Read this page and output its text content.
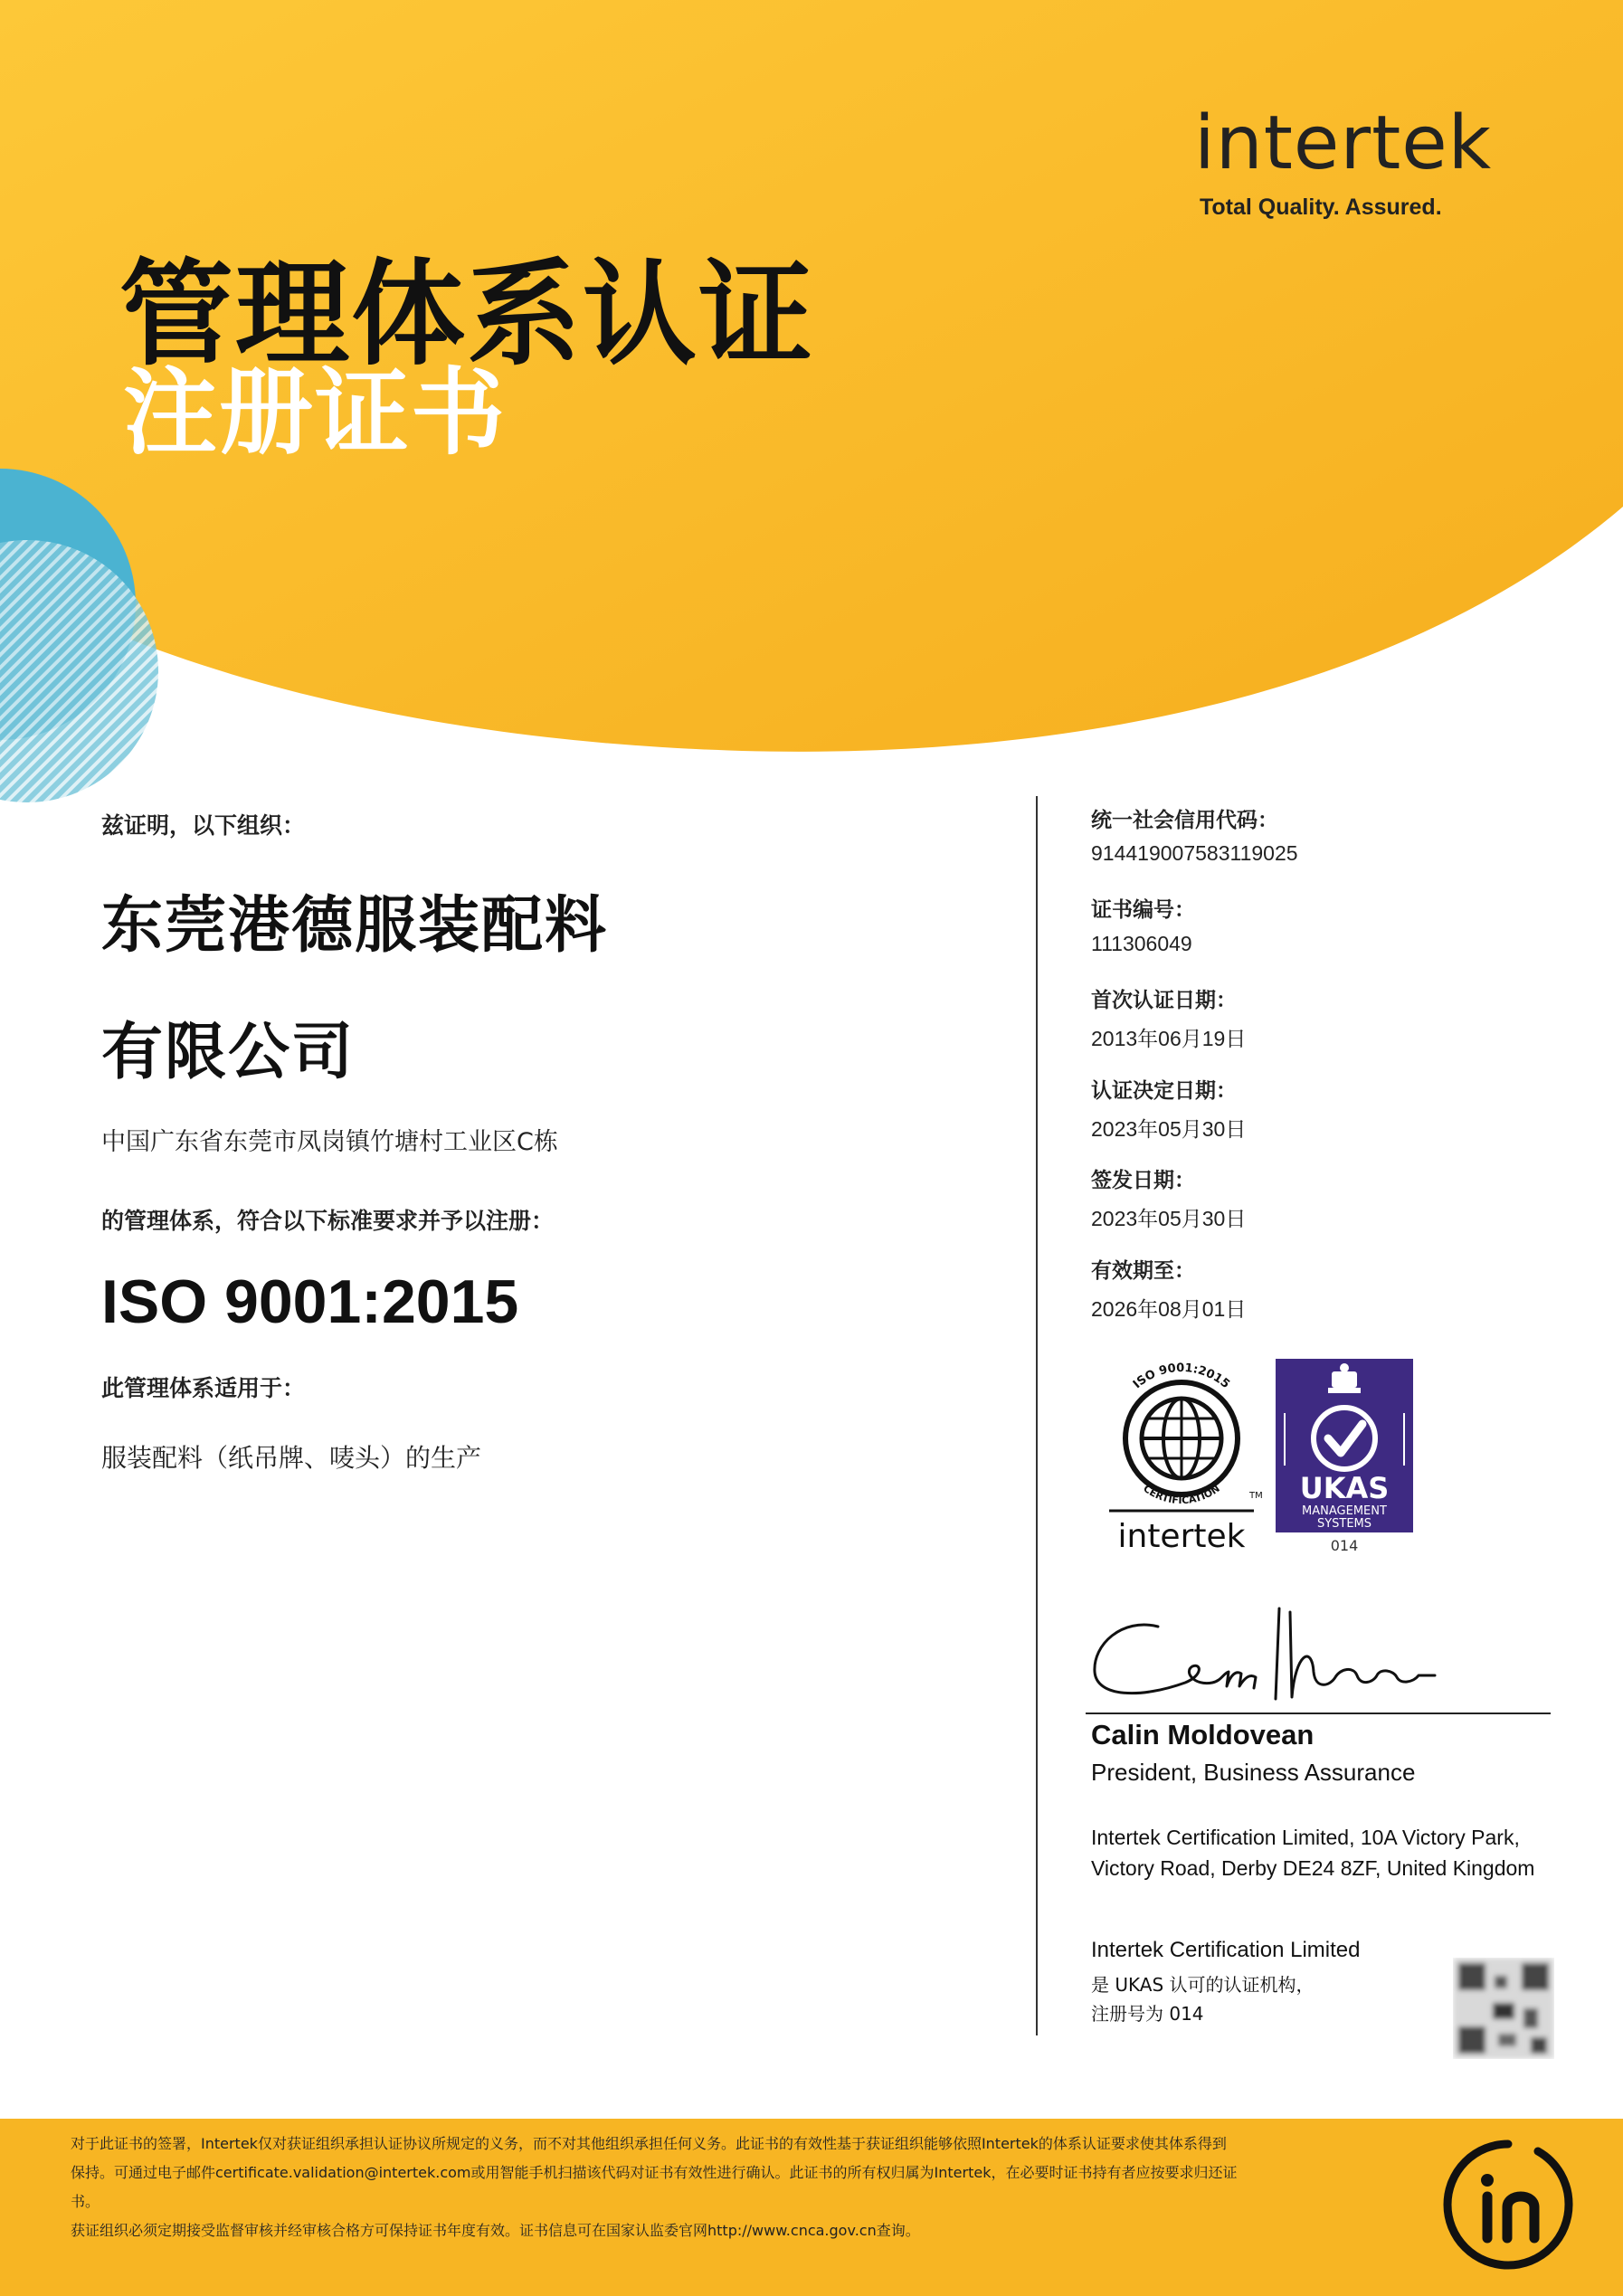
intertek
Total Quality. Assured.
管理体系认证
注册证书
兹证明，以下组织：
东莞港德服装配料
有限公司
中国广东省东莞市凤岗镇竹塘村工业区C栋
的管理体系，符合以下标准要求并予以注册：
ISO 9001:2015
此管理体系适用于：
服装配料（纸吊牌、唛头）的生产
统一社会信用代码：
914419007583119025
证书编号：
111306049
首次认证日期：
2013年06月19日
认证决定日期：
2023年05月30日
签发日期：
2023年05月30日
有效期至：
2026年08月01日
ISO 9001:2015
CERTIFICATION	TM
intertek
UKAS
MANAGEMENT
SYSTEMS
014
Calin Moldovean
President, Business Assurance
Intertek Certification Limited, 10A Victory Park, Victory Road, Derby DE24 8ZF, United Kingdom
Intertek Certification Limited
是 UKAS 认可的认证机构，
注册号为 014
对于此证书的签署，Intertek仅对获证组织承担认证协议所规定的义务，而不对其他组织承担任何义务。此证书的有效性基于获证组织能够依照Intertek的体系认证要求使其体系得到
保持。可通过电子邮件certificate.validation@intertek.com或用智能手机扫描该代码对证书有效性进行确认。此证书的所有权归属为Intertek，在必要时证书持有者应按要求归还证
书。
获证组织必须定期接受监督审核并经审核合格方可保持证书年度有效。证书信息可在国家认监委官网http://www.cnca.gov.cn查询。
